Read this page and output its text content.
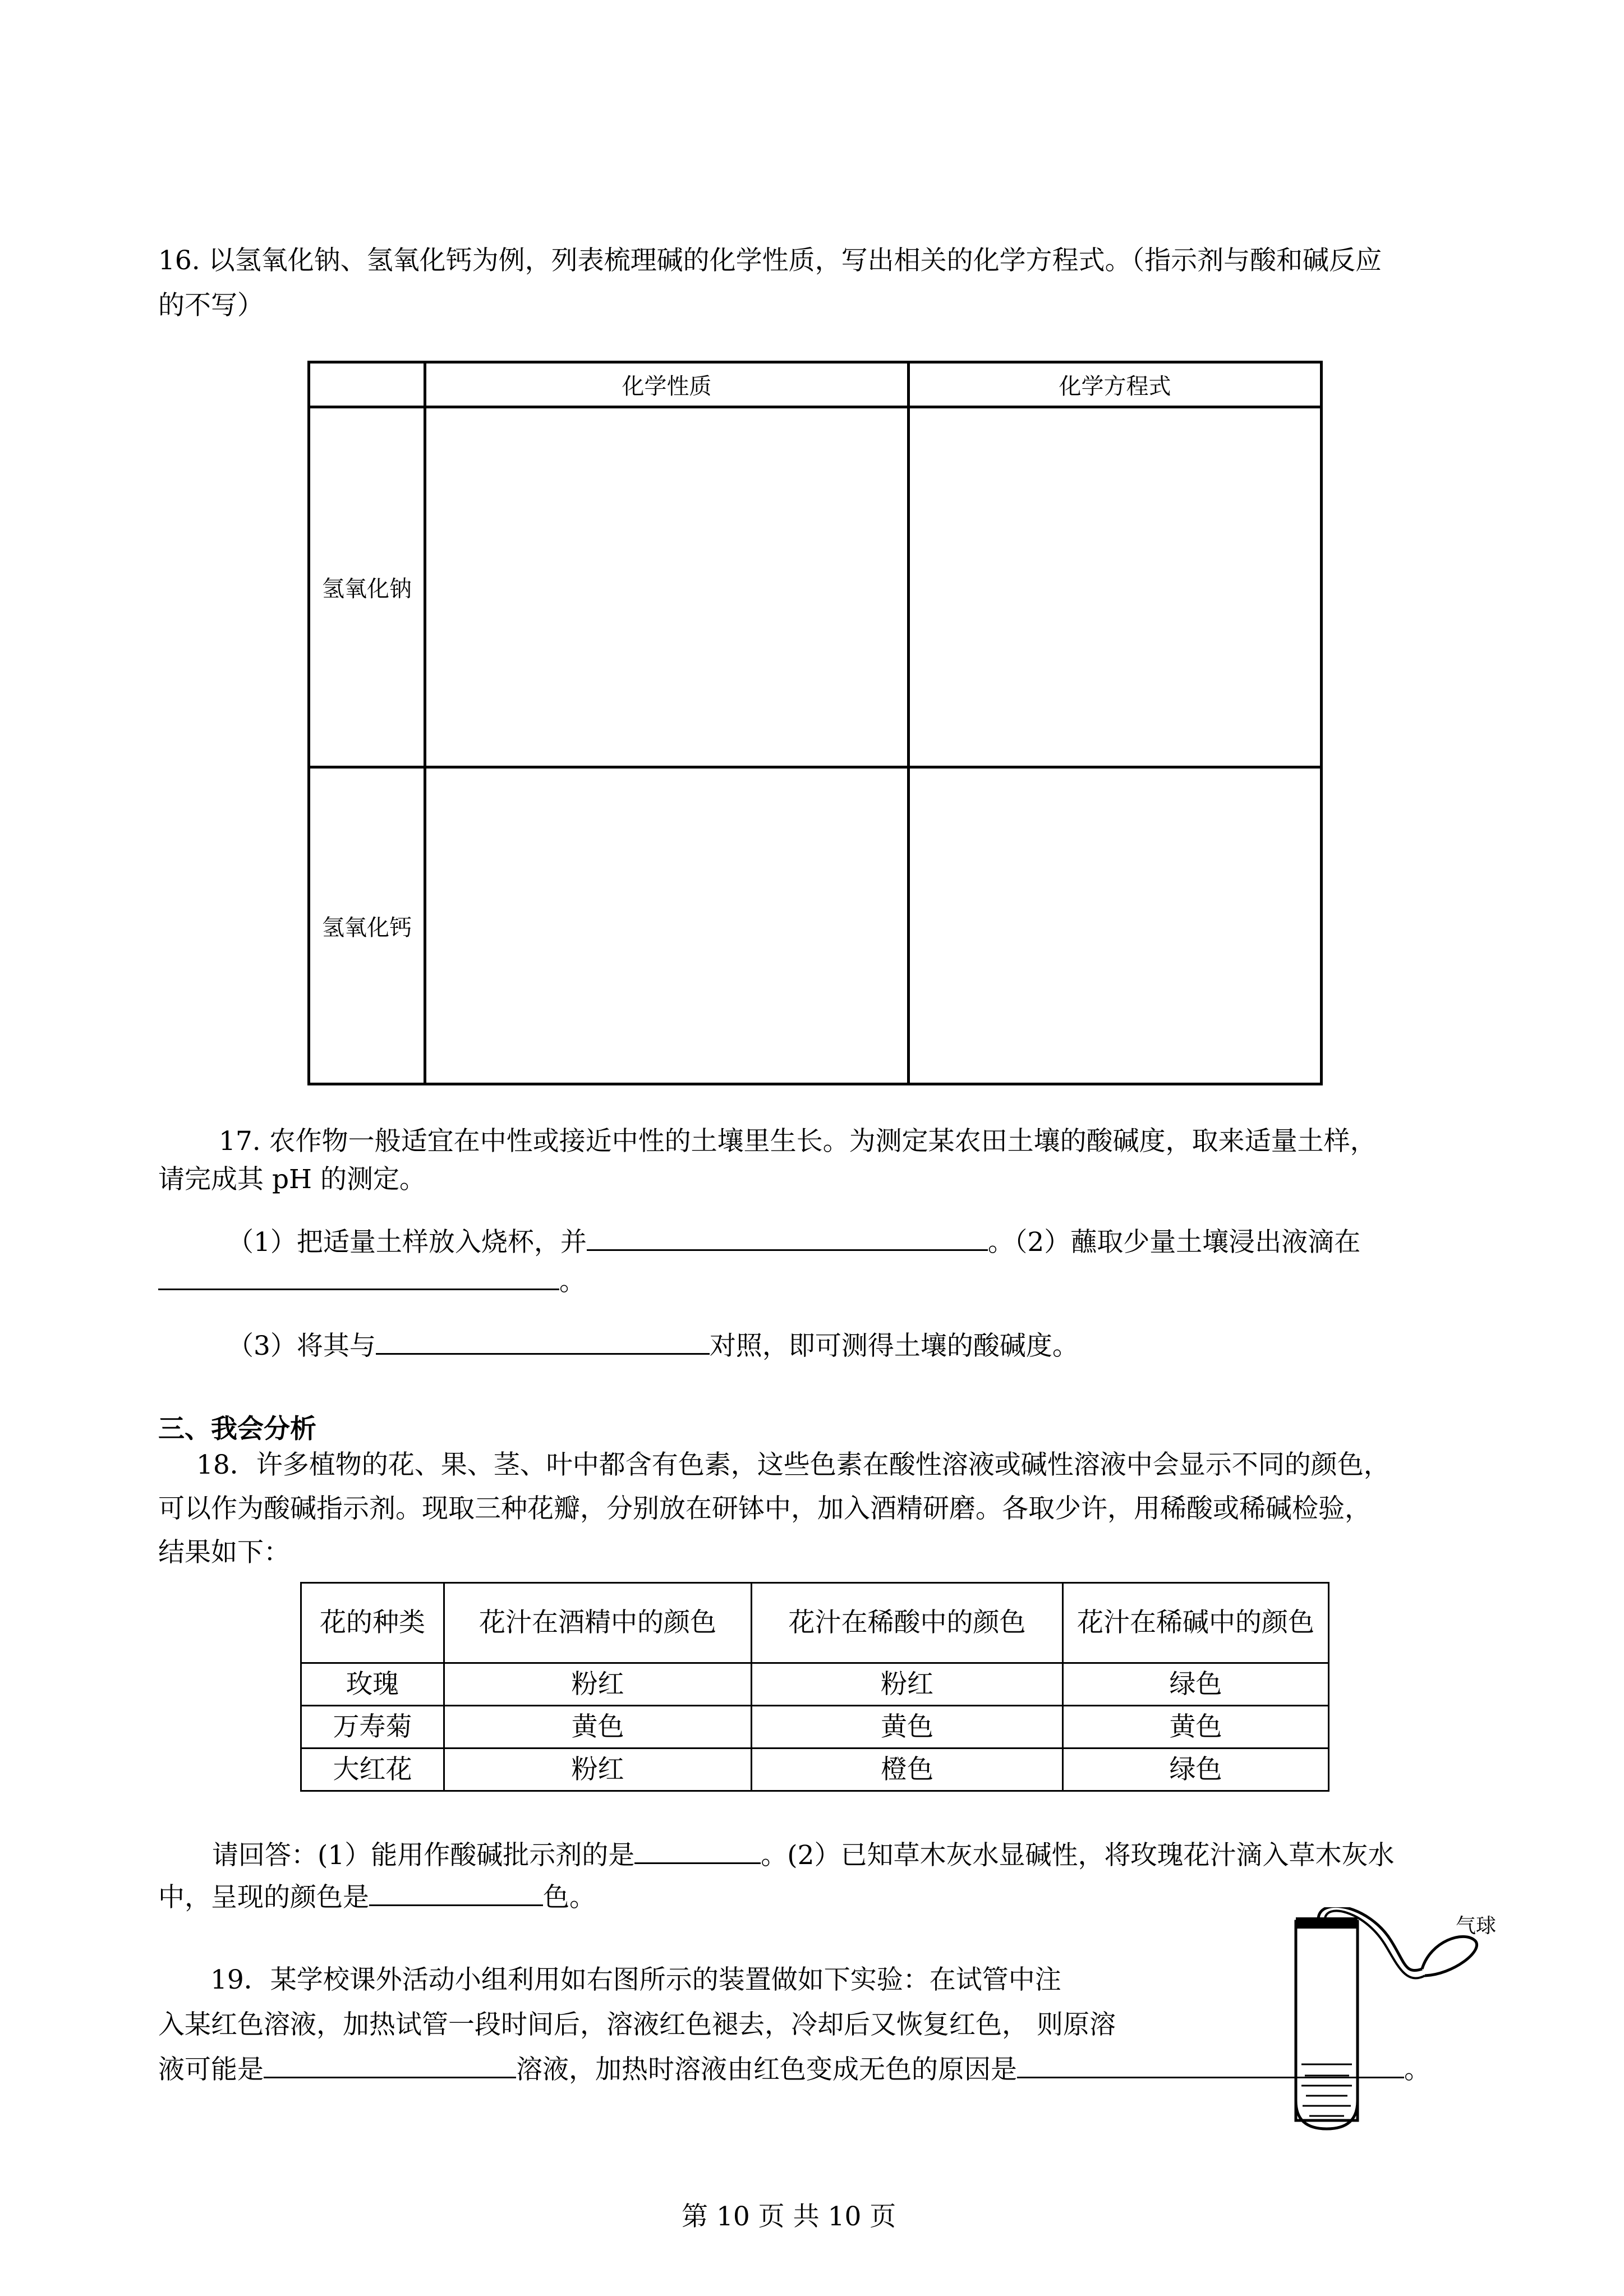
16. 以氢氧化钠、氢氧化钙为例，列表梳理碱的化学性质，写出相关的化学方程式。（指示剂与酸和碱反应
的不写）
	化学性质	化学方程式
氢氧化钠		
氢氧化钙		
17. 农作物一般适宜在中性或接近中性的土壤里生长。为测定某农田土壤的酸碱度，取来适量土样，
请完成其 pH 的测定。
（1）把适量土样放入烧杯，并	。（2）蘸取少量土壤浸出液滴在
。
（3）将其与	对照，即可测得土壤的酸碱度。
三、我会分析
18．许多植物的花、果、茎、叶中都含有色素，这些色素在酸性溶液或碱性溶液中会显示不同的颜色，
可以作为酸碱指示剂。现取三种花瓣，分别放在研钵中，加入酒精研磨。各取少许，用稀酸或稀碱检验，
结果如下：
花的种类	花汁在酒精中的颜色	花汁在稀酸中的颜色	花汁在稀碱中的颜色
玫瑰	粉红	粉红	绿色
万寿菊	黄色	黄色	黄色
大红花	粉红	橙色	绿色
请回答：(1）能用作酸碱批示剂的是	。(2）已知草木灰水显碱性，将玫瑰花汁滴入草木灰水
中，呈现的颜色是	色。
19．某学校课外活动小组利用如右图所示的装置做如下实验：在试管中注
入某红色溶液，加热试管一段时间后，溶液红色褪去，冷却后又恢复红色， 则原溶
液可能是	溶液，加热时溶液由红色变成无色的原因是	。
气球
第 10 页 共 10 页
